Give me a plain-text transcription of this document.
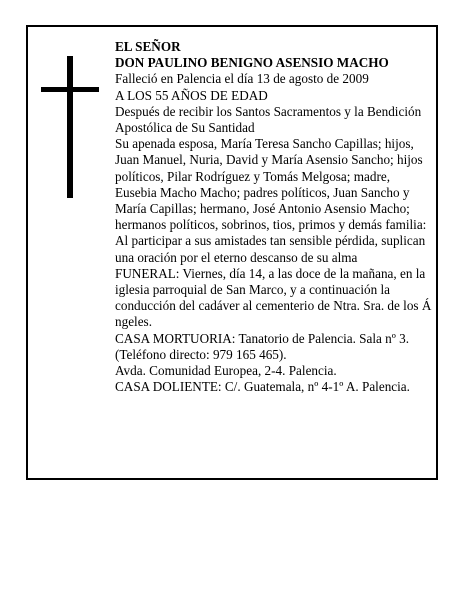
EL SEÑOR

DON PAULINO BENIGNO ASENSIO MACHO

Falleció en Palencia el día 13 de agosto de 2009

A LOS 55 AÑOS DE EDAD

Después de recibir los Santos Sacramentos y la Bendición Apostólica de Su Santidad

Su apenada esposa, María Teresa Sancho Capillas; hijos, Juan Manuel, Nuria, David y María Asensio Sancho; hijos políticos, Pilar Rodríguez y Tomás Melgosa; madre, Eusebia Macho Macho; padres políticos, Juan Sancho y María Capillas; hermano, José Antonio Asensio Macho; hermanos políticos, sobrinos, tios, primos y demás familia:

Al participar a sus amistades tan sensible pérdida, suplican una oración por el eterno descanso de su alma

FUNERAL: Viernes, día 14, a las doce de la mañana, en la iglesia parroquial de San Marco, y a continuación la conducción del cadáver al cementerio de Ntra. Sra. de los Á ngeles.

CASA MORTUORIA: Tanatorio de Palencia. Sala nº 3. (Teléfono directo: 979 165 465).

Avda. Comunidad Europea, 2-4. Palencia.

CASA DOLIENTE: C/. Guatemala, nº 4-1º A. Palencia.
